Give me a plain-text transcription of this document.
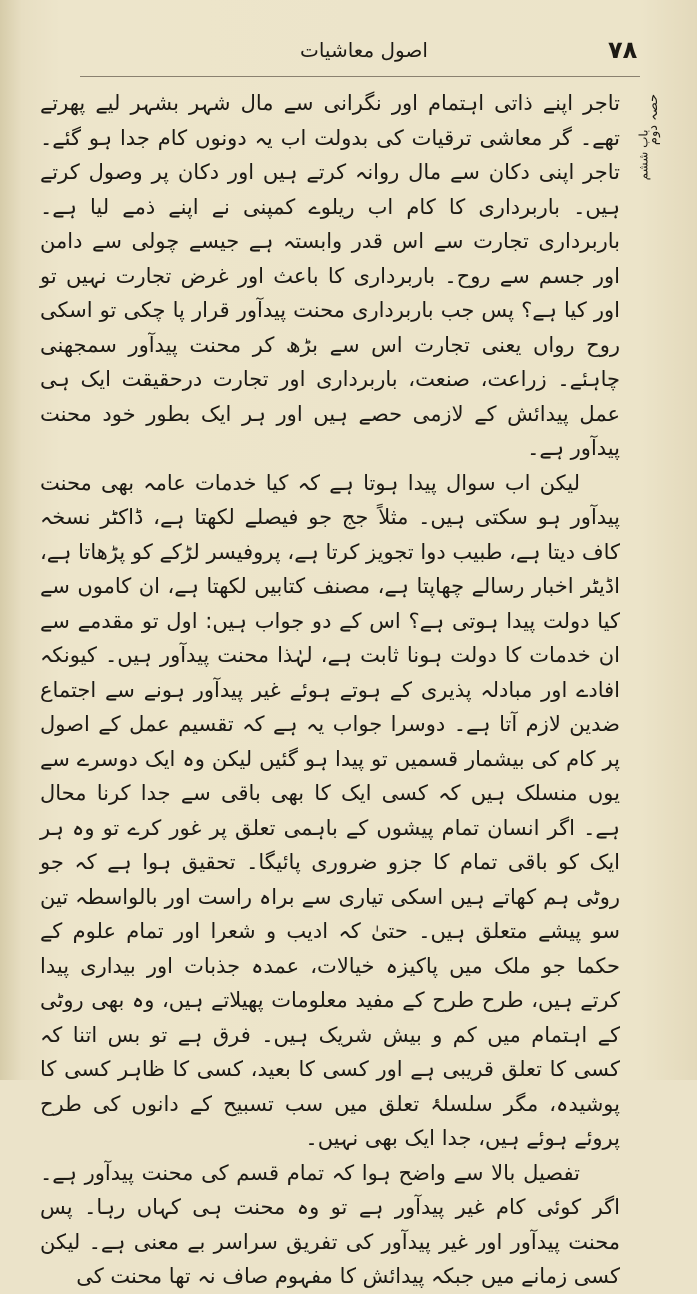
اصول معاشیات	۷۸
حصہ دوم
باب ششم

تاجر اپنے ذاتی اہتمام اور نگرانی سے مال شہر بشہر لیے پھرتے تھے۔ گر معاشی ترقیات کی بدولت اب یہ دونوں کام جدا ہو گئے۔ تاجر اپنی دکان سے مال روانہ کرتے ہیں اور دکان پر وصول کرتے ہیں۔ باربرداری کا کام اب ریلوے کمپنی نے اپنے ذمے لیا ہے۔ باربرداری تجارت سے اس قدر وابستہ ہے جیسے چولی سے دامن اور جسم سے روح۔ باربرداری کا باعث اور غرض تجارت نہیں تو اور کیا ہے؟ پس جب باربرداری محنت پیدآور قرار پا چکی تو اسکی روح رواں یعنی تجارت اس سے بڑھ کر محنت پیدآور سمجھنی چاہئے۔ زراعت، صنعت، باربرداری اور تجارت درحقیقت ایک ہی عمل پیدائش کے لازمی حصے ہیں اور ہر ایک بطور خود محنت پیدآور ہے۔

لیکن اب سوال پیدا ہوتا ہے کہ کیا خدمات عامہ بھی محنت پیدآور ہو سکتی ہیں۔ مثلاً جج جو فیصلے لکھتا ہے، ڈاکٹر نسخہ کاف دیتا ہے، طبیب دوا تجویز کرتا ہے، پروفیسر لڑکے کو پڑھاتا ہے، اڈیٹر اخبار رسالے چھاپتا ہے، مصنف کتابیں لکھتا ہے، ان کاموں سے کیا دولت پیدا ہوتی ہے؟ اس کے دو جواب ہیں: اول تو مقدمے سے ان خدمات کا دولت ہونا ثابت ہے، لہٰذا محنت پیدآور ہیں۔ کیونکہ افادے اور مبادلہ پذیری کے ہوتے ہوئے غیر پیدآور ہونے سے اجتماع ضدین لازم آتا ہے۔ دوسرا جواب یہ ہے کہ تقسیم عمل کے اصول پر کام کی بیشمار قسمیں تو پیدا ہو گئیں لیکن وہ ایک دوسرے سے یوں منسلک ہیں کہ کسی ایک کا بھی باقی سے جدا کرنا محال ہے۔ اگر انسان تمام پیشوں کے باہمی تعلق پر غور کرے تو وہ ہر ایک کو باقی تمام کا جزو ضروری پائیگا۔ تحقیق ہوا ہے کہ جو روٹی ہم کھاتے ہیں اسکی تیاری سے براہ راست اور بالواسطہ تین سو پیشے متعلق ہیں۔ حتیٰ کہ ادیب و شعرا اور تمام علوم کے حکما جو ملک میں پاکیزہ خیالات، عمدہ جذبات اور بیداری پیدا کرتے ہیں، طرح طرح کے مفید معلومات پھیلاتے ہیں، وہ بھی روٹی کے اہتمام میں کم و بیش شریک ہیں۔ فرق ہے تو بس اتنا کہ کسی کا تعلق قریبی ہے اور کسی کا بعید، کسی کا ظاہر کسی کا پوشیدہ، مگر سلسلۂ تعلق میں سب تسبیح کے دانوں کی طرح پروئے ہوئے ہیں، جدا ایک بھی نہیں۔

تفصیل بالا سے واضح ہوا کہ تمام قسم کی محنت پیدآور ہے۔ اگر کوئی کام غیر پیدآور ہے تو وہ محنت ہی کہاں رہا۔ پس محنت پیدآور اور غیر پیدآور کی تفریق سراسر بے معنی ہے۔ لیکن کسی زمانے میں جبکہ پیدائش کا مفہوم صاف نہ تھا محنت کی
